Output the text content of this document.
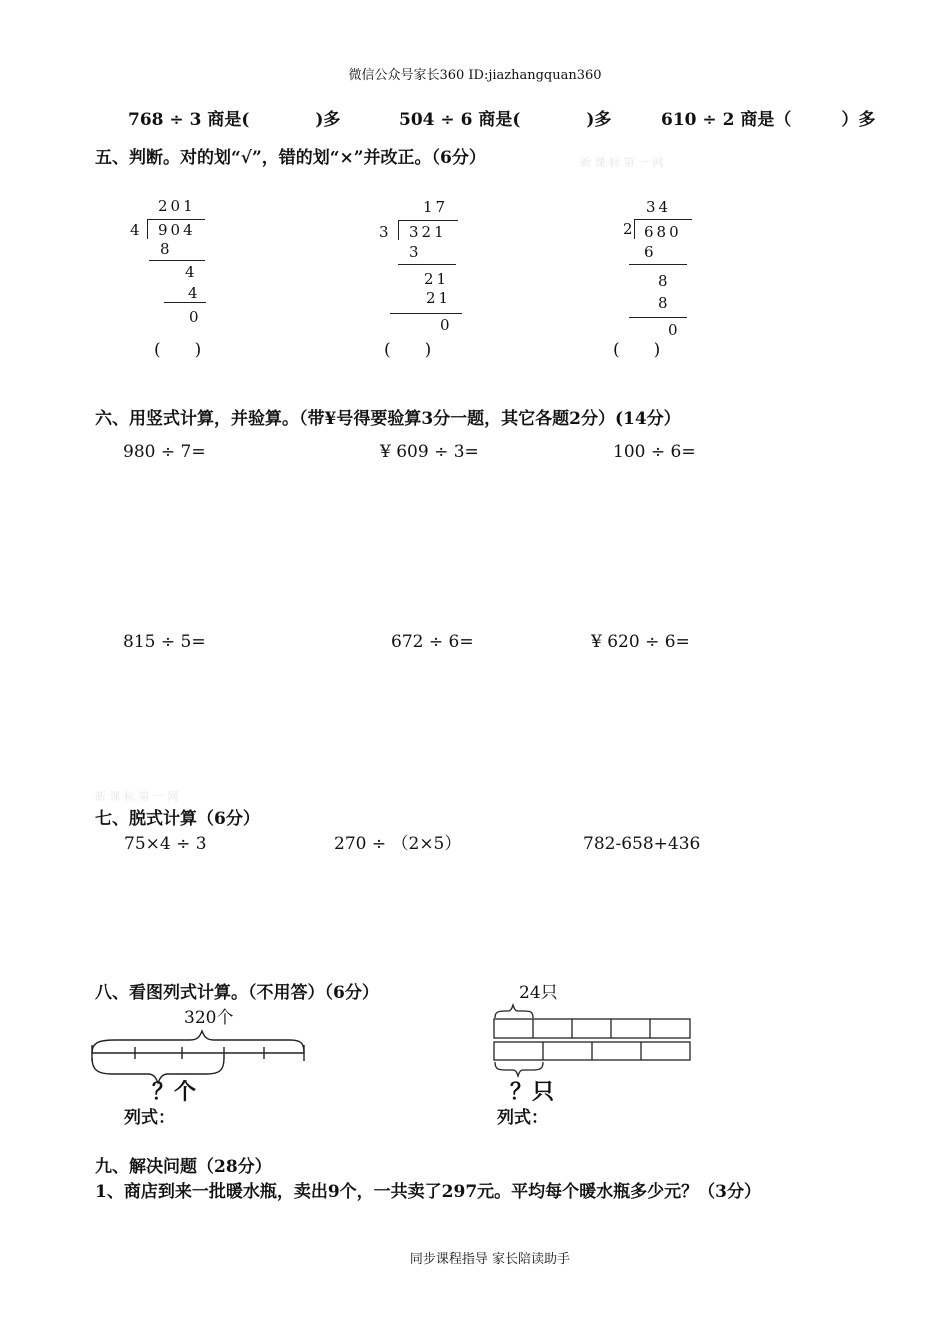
微信公众号家长360 ID:jiazhangquan360
768 ÷ 3 商是(	)多	504 ÷ 6 商是(	)多	610 ÷ 2 商是（	）多
五、判断。对的划“√”，错的划“×”并改正。（6分）	新 课 标 第 一 网
201
4 904
8
4
4
0
(　　)
17
3 321
3
21
21
0
(　　)
34
2 680
6
8
8
0
(　　)
六、用竖式计算，并验算。（带¥号得要验算3分一题，其它各题2分）(14分）
980 ÷ 7=	¥ 609 ÷ 3=	100 ÷ 6=
815 ÷ 5=	672 ÷ 6=	¥ 620 ÷ 6=
新 课 标 第 一 网
七、脱式计算（6分）
75×4 ÷ 3	270 ÷ （2×5）	782-658+436
八、看图列式计算。（不用答）（6分）
320个
？个
列式：
24只
？只
列式：
九、解决问题（28分）
1、商店到来一批暖水瓶，卖出9个，一共卖了297元。平均每个暖水瓶多少元？（3分）
同步课程指导 家长陪读助手
